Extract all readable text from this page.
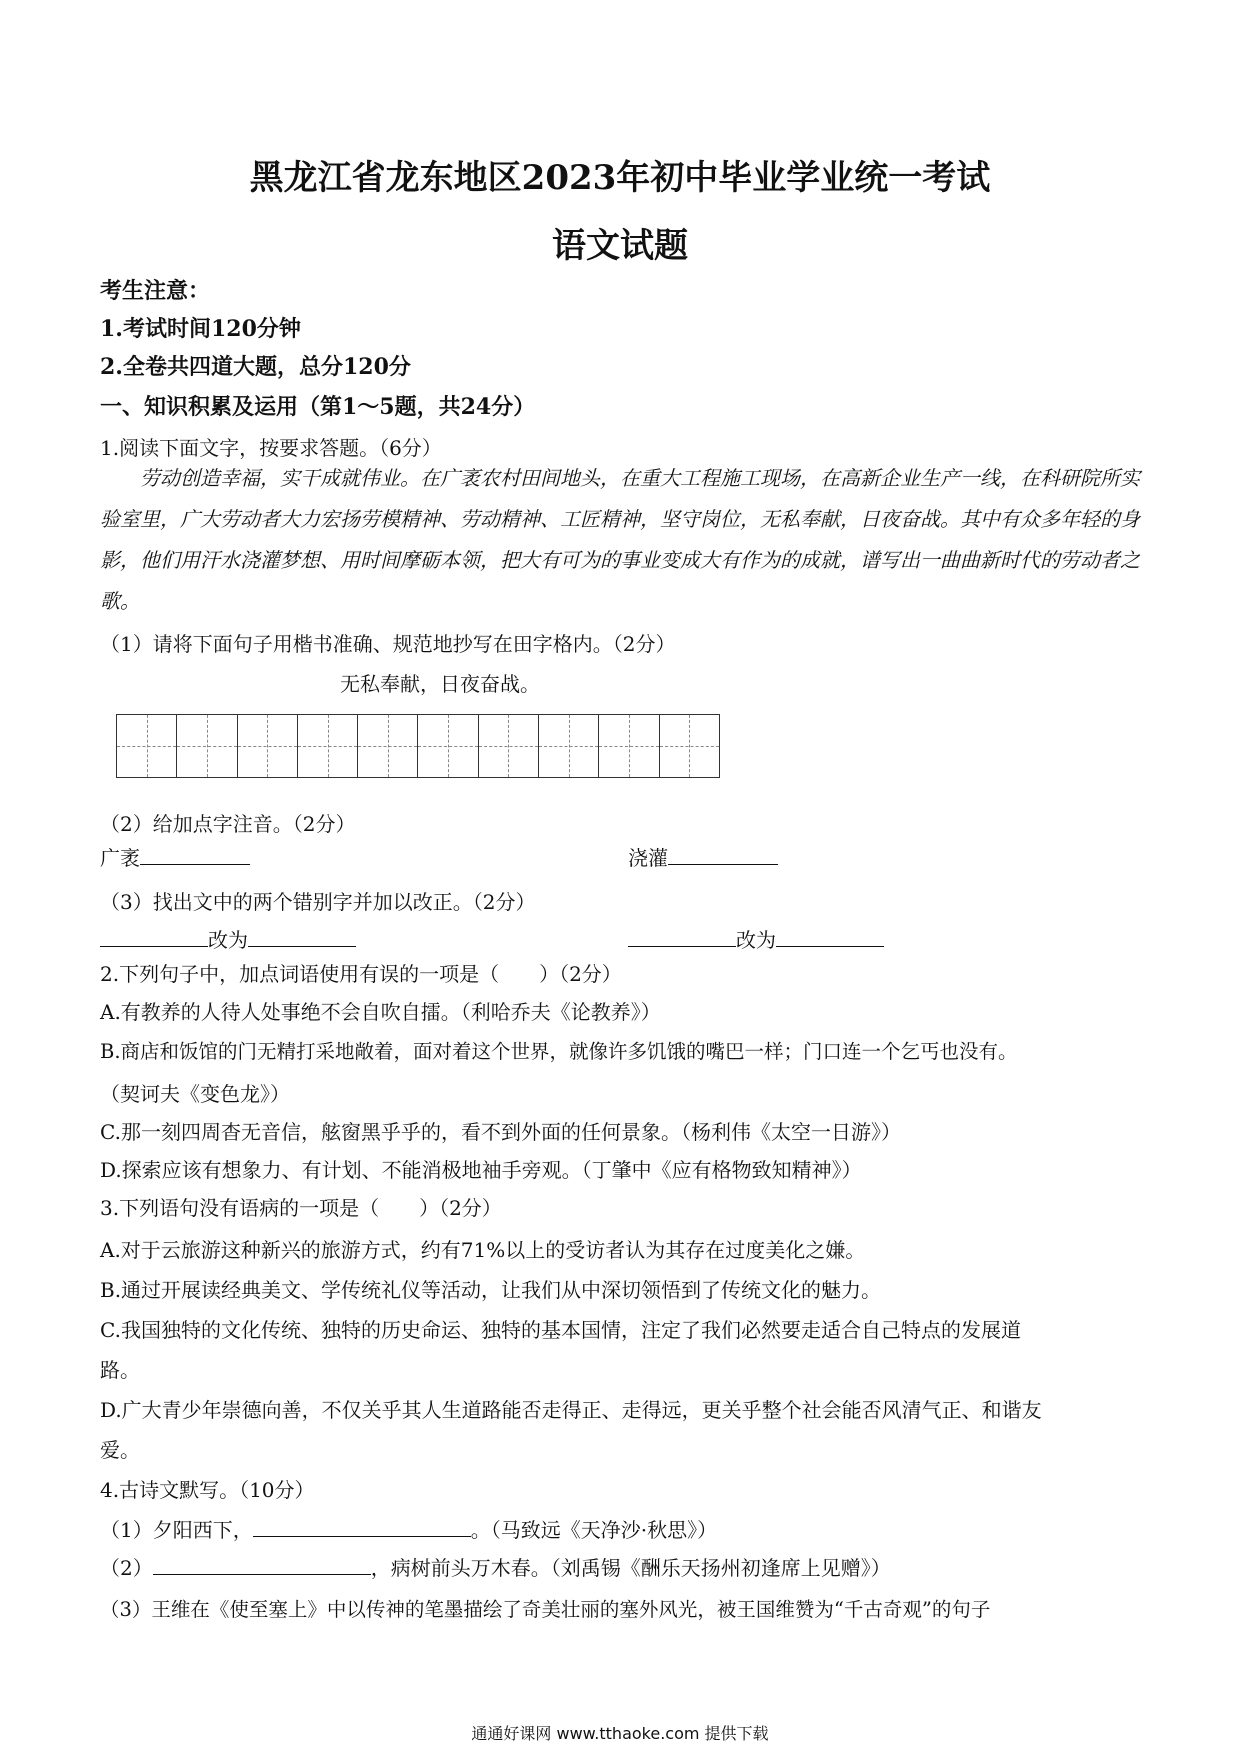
黑龙江省龙东地区2023年初中毕业学业统一考试
语文试题
考生注意：
1.考试时间120分钟
2.全卷共四道大题，总分120分
一、知识积累及运用（第1～5题，共24分）
1.阅读下面文字，按要求答题。（6分）
劳动创造幸福，实干成就伟业。在广袤农村田间地头，在重大工程施工现场，在高新企业生产一线，在科研院所实验室里，广大劳动者大力宏扬劳模精神、劳动精神、工匠精神，坚守岗位，无私奉献，日夜奋战。其中有众多年轻的身影，他们用汗水浇灌梦想、用时间摩砺本领，把大有可为的事业变成大有作为的成就，谱写出一曲曲新时代的劳动者之歌。
（1）请将下面句子用楷书准确、规范地抄写在田字格内。（2分）
无私奉献，日夜奋战。
（2）给加点字注音。（2分）
广袤	浇灌
（3）找出文中的两个错别字并加以改正。（2分）
改为	改为
2.下列句子中，加点词语使用有误的一项是（　　）（2分）
A.有教养的人待人处事绝不会自吹自擂。（利哈乔夫《论教养》）
B.商店和饭馆的门无精打采地敞着，面对着这个世界，就像许多饥饿的嘴巴一样；门口连一个乞丐也没有。
（契诃夫《变色龙》）
C.那一刻四周杳无音信，舷窗黑乎乎的，看不到外面的任何景象。（杨利伟《太空一日游》）
D.探索应该有想象力、有计划、不能消极地袖手旁观。（丁肇中《应有格物致知精神》）
3.下列语句没有语病的一项是（　　）（2分）
A.对于云旅游这种新兴的旅游方式，约有71%以上的受访者认为其存在过度美化之嫌。
B.通过开展读经典美文、学传统礼仪等活动，让我们从中深切领悟到了传统文化的魅力。
C.我国独特的文化传统、独特的历史命运、独特的基本国情，注定了我们必然要走适合自己特点的发展道
路。
D.广大青少年崇德向善，不仅关乎其人生道路能否走得正、走得远，更关乎整个社会能否风清气正、和谐友
爱。
4.古诗文默写。（10分）
（1）夕阳西下，	。（马致远《天净沙·秋思》）
（2）	，病树前头万木春。（刘禹锡《酬乐天扬州初逢席上见赠》）
（3）王维在《使至塞上》中以传神的笔墨描绘了奇美壮丽的塞外风光，被王国维赞为“千古奇观”的句子
通通好课网 www.tthaoke.com 提供下载
